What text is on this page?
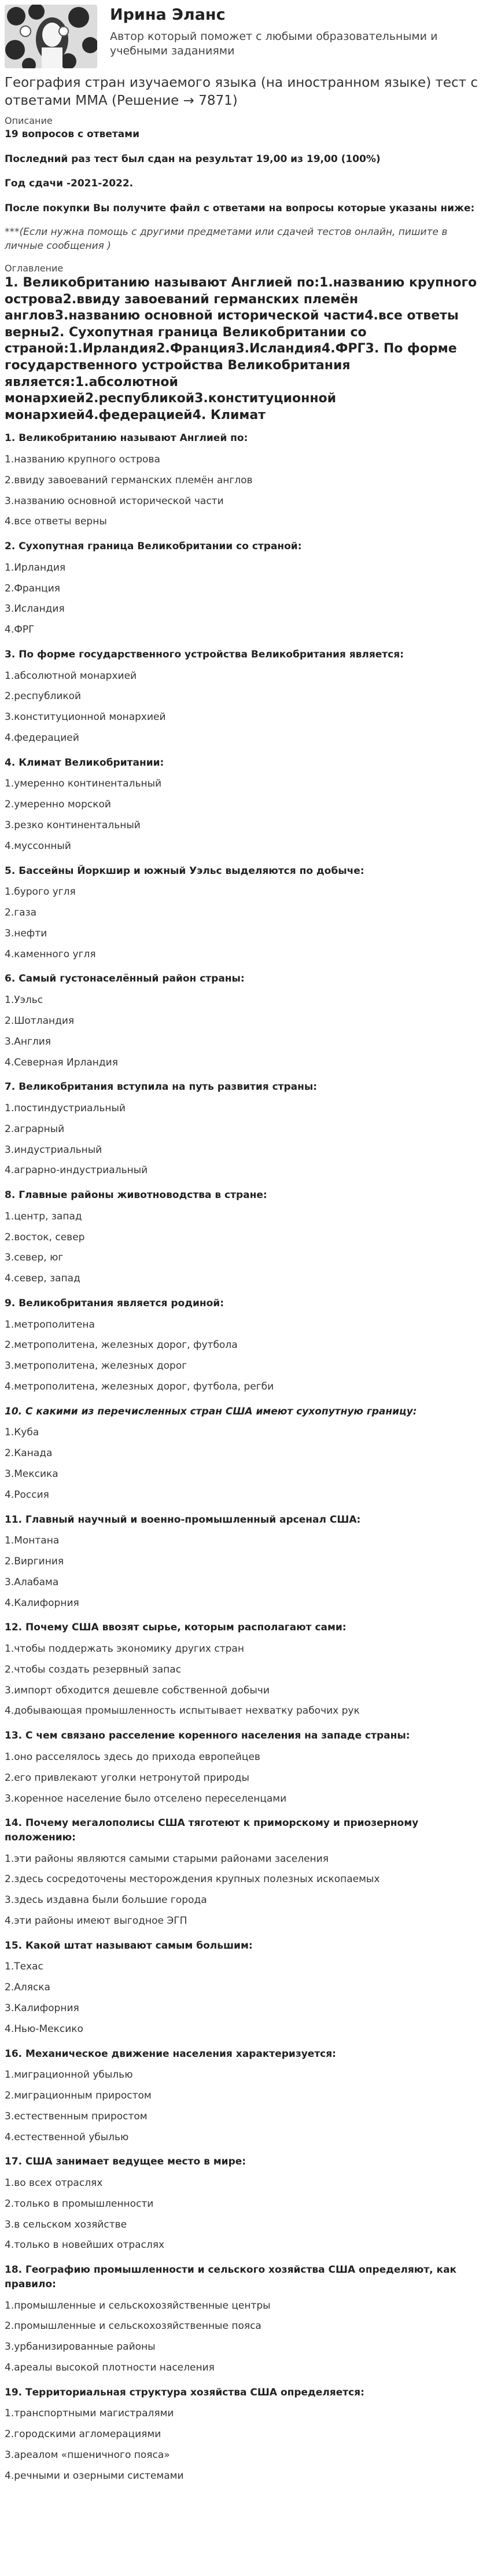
Ирина Эланс
Автор который поможет с любыми образовательными и учебными заданиями
География стран изучаемого языка (на иностранном языке) тест с ответами ММА (Решение → 7871)
Описание
19 вопросов с ответами
Последний раз тест был сдан на результат 19,00 из 19,00 (100%)
Год сдачи -2021-2022.
После покупки Вы получите файл с ответами на вопросы которые указаны ниже:
***(Если нужна помощь с другими предметами или сдачей тестов онлайн, пишите в личные сообщения )
Оглавление
1. Великобританию называют Англией по:1.названию крупного острова2.ввиду завоеваний германских племён англов3.названию основной исторической части4.все ответы верны2. Сухопутная граница Великобритании со страной:1.Ирландия2.Франция3.Исландия4.ФРГ3. По форме государственного устройства Великобритания является:1.абсолютной монархией2.республикой3.конституционной монархией4.федерацией4. Климат
1. Великобританию называют Англией по:
1.названию крупного острова
2.ввиду завоеваний германских племён англов
3.названию основной исторической части
4.все ответы верны
2. Сухопутная граница Великобритании со страной:
1.Ирландия
2.Франция
3.Исландия
4.ФРГ
3. По форме государственного устройства Великобритания является:
1.абсолютной монархией
2.республикой
3.конституционной монархией
4.федерацией
4. Климат Великобритании:
1.умеренно континентальный
2.умеренно морской
3.резко континентальный
4.муссонный
5. Бассейны Йоркшир и южный Уэльс выделяются по добыче:
1.бурого угля
2.газа
3.нефти
4.каменного угля
6. Самый густонаселённый район страны:
1.Уэльс
2.Шотландия
3.Англия
4.Северная Ирландия
7. Великобритания вступила на путь развития страны:
1.постиндустриальный
2.аграрный
3.индустриальный
4.аграрно-индустриальный
8. Главные районы животноводства в стране:
1.центр, запад
2.восток, север
3.север, юг
4.север, запад
9. Великобритания является родиной:
1.метрополитена
2.метрополитена, железных дорог, футбола
3.метрополитена, железных дорог
4.метрополитена, железных дорог, футбола, регби
10. С какими из перечисленных стран США имеют сухопутную границу:
1.Куба
2.Канада
3.Мексика
4.Россия
11. Главный научный и военно-промышленный арсенал США:
1.Монтана
2.Виргиния
3.Алабама
4.Калифорния
12. Почему США ввозят сырье, которым располагают сами:
1.чтобы поддержать экономику других стран
2.чтобы создать резервный запас
3.импорт обходится дешевле собственной добычи
4.добывающая промышленность испытывает нехватку рабочих рук
13. С чем связано расселение коренного населения на западе страны:
1.оно расселялось здесь до прихода европейцев
2.его привлекают уголки нетронутой природы
3.коренное население было отселено переселенцами
14. Почему мегалополисы США тяготеют к приморскому и приозерному положению:
1.эти районы являются самыми старыми районами заселения
2.здесь сосредоточены месторождения крупных полезных ископаемых
3.здесь издавна были большие города
4.эти районы имеют выгодное ЭГП
15. Какой штат называют самым большим:
1.Техас
2.Аляска
3.Калифорния
4.Нью-Мексико
16. Механическое движение населения характеризуется:
1.миграционной убылью
2.миграционным приростом
3.естественным приростом
4.естественной убылью
17. США занимает ведущее место в мире:
1.во всех отраслях
2.только в промышленности
3.в сельском хозяйстве
4.только в новейших отраслях
18. Географию промышленности и сельского хозяйства США определяют, как правило:
1.промышленные и сельскохозяйственные центры
2.промышленные и сельскохозяйственные пояса
3.урбанизированные районы
4.ареалы высокой плотности населения
19. Территориальная структура хозяйства США определяется:
1.транспортными магистралями
2.городскими агломерациями
3.ареалом «пшеничного пояса»
4.речными и озерными системами
